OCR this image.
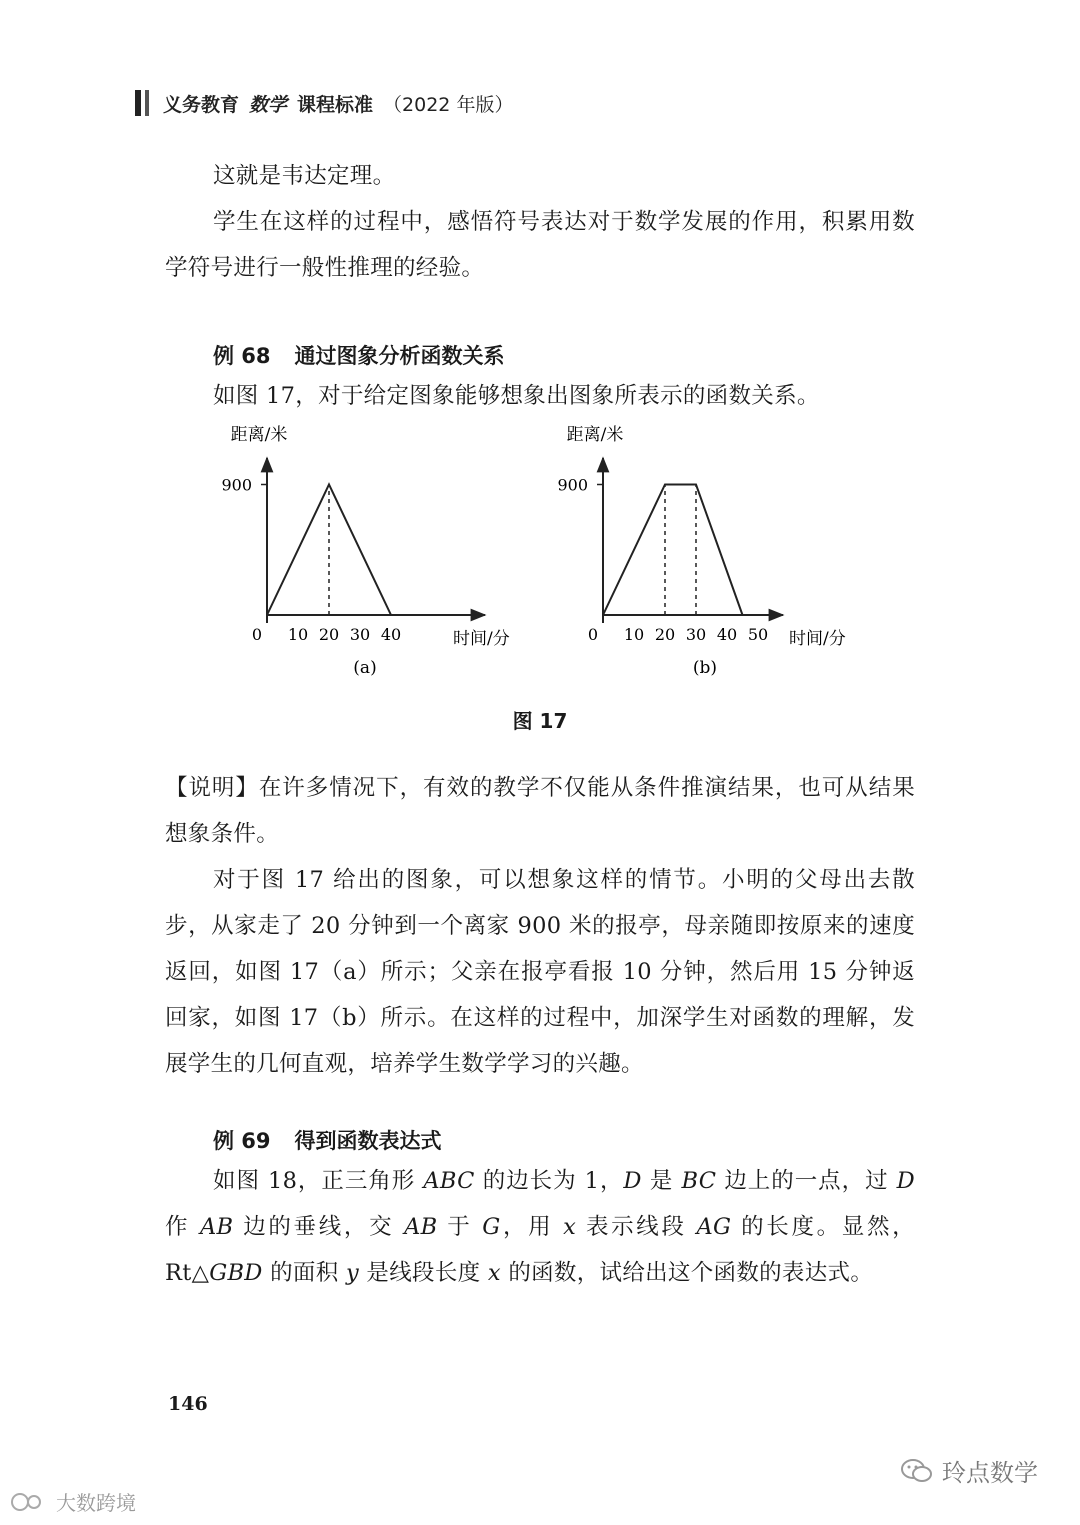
义务教育 数学 课程标准 （2022 年版）
这就是韦达定理。
学生在这样的过程中，感悟符号表达对于数学发展的作用，积累用数学符号进行一般性推理的经验。
例 68 通过图象分析函数关系
如图 17，对于给定图象能够想象出图象所表示的函数关系。
距离/米
时间/分
900
0 10 20 30 40
(a)
距离/米
时间/分
900
0 10 20 30 40 50
(b)
图 17
【说明】在许多情况下，有效的教学不仅能从条件推演结果，也可从结果想象条件。
对于图 17 给出的图象，可以想象这样的情节。小明的父母出去散步，从家走了 20 分钟到一个离家 900 米的报亭，母亲随即按原来的速度返回，如图 17（a）所示；父亲在报亭看报 10 分钟，然后用 15 分钟返回家，如图 17（b）所示。在这样的过程中，加深学生对函数的理解，发展学生的几何直观，培养学生数学学习的兴趣。
例 69 得到函数表达式
如图 18，正三角形 ABC 的边长为 1，D 是 BC 边上的一点，过 D 作 AB 边的垂线，交 AB 于 G，用 x 表示线段 AG 的长度。显然，Rt△GBD 的面积 y 是线段长度 x 的函数，试给出这个函数的表达式。
146
大数跨境
玲点数学
